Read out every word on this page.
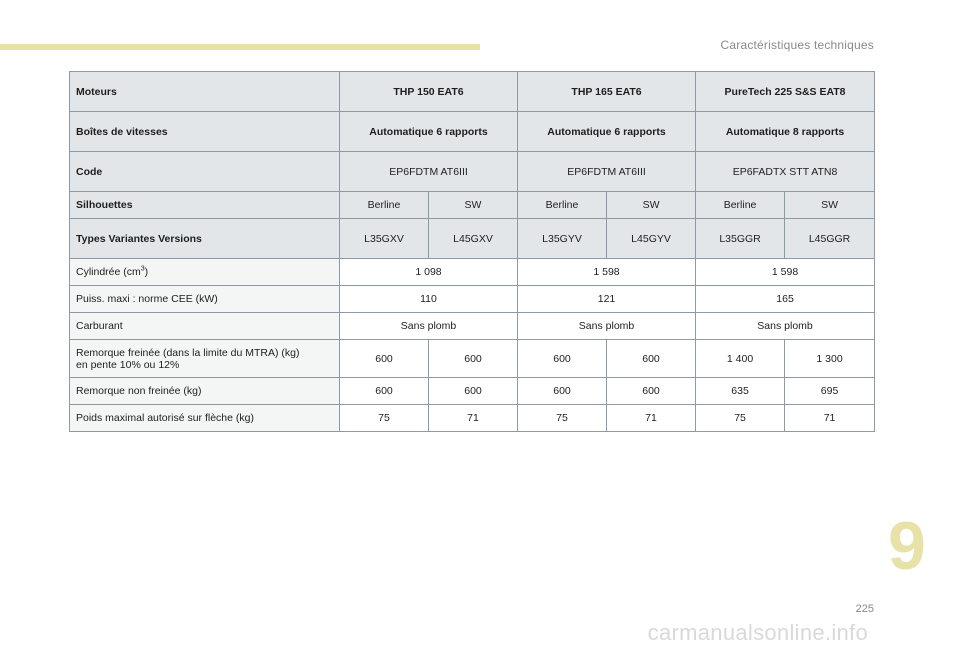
Caractéristiques techniques
Moteurs	THP 150 EAT6		THP 165 EAT6		PureTech 225 S&S EAT8	
Boîtes de vitesses	Automatique 6 rapports		Automatique 6 rapports		Automatique 8 rapports	
Code	EP6FDTM AT6III		EP6FDTM AT6III		EP6FADTX STT ATN8	
Silhouettes	Berline	SW	Berline	SW	Berline	SW
Types Variantes Versions	L35GXV	L45GXV	L35GYV	L45GYV	L35GGR	L45GGR
Cylindrée $(cm^3)$	1 098		1 598		1 598	
Puiss. maxi : norme CEE (kW)	110		121		165	
Carburant	Sans plomb		Sans plomb		Sans plomb	

Remorque freinée (dans la limite du MTRA) (kg)
en pente 10% ou 12%	600	600	600	600	1 400	1 300
Remorque non freinée (kg)	600	600	600	600	635	695
Poids maximal autorisé sur flèche (kg)	75	71	75	71	75	71
9
225
carmanualsonline.info
